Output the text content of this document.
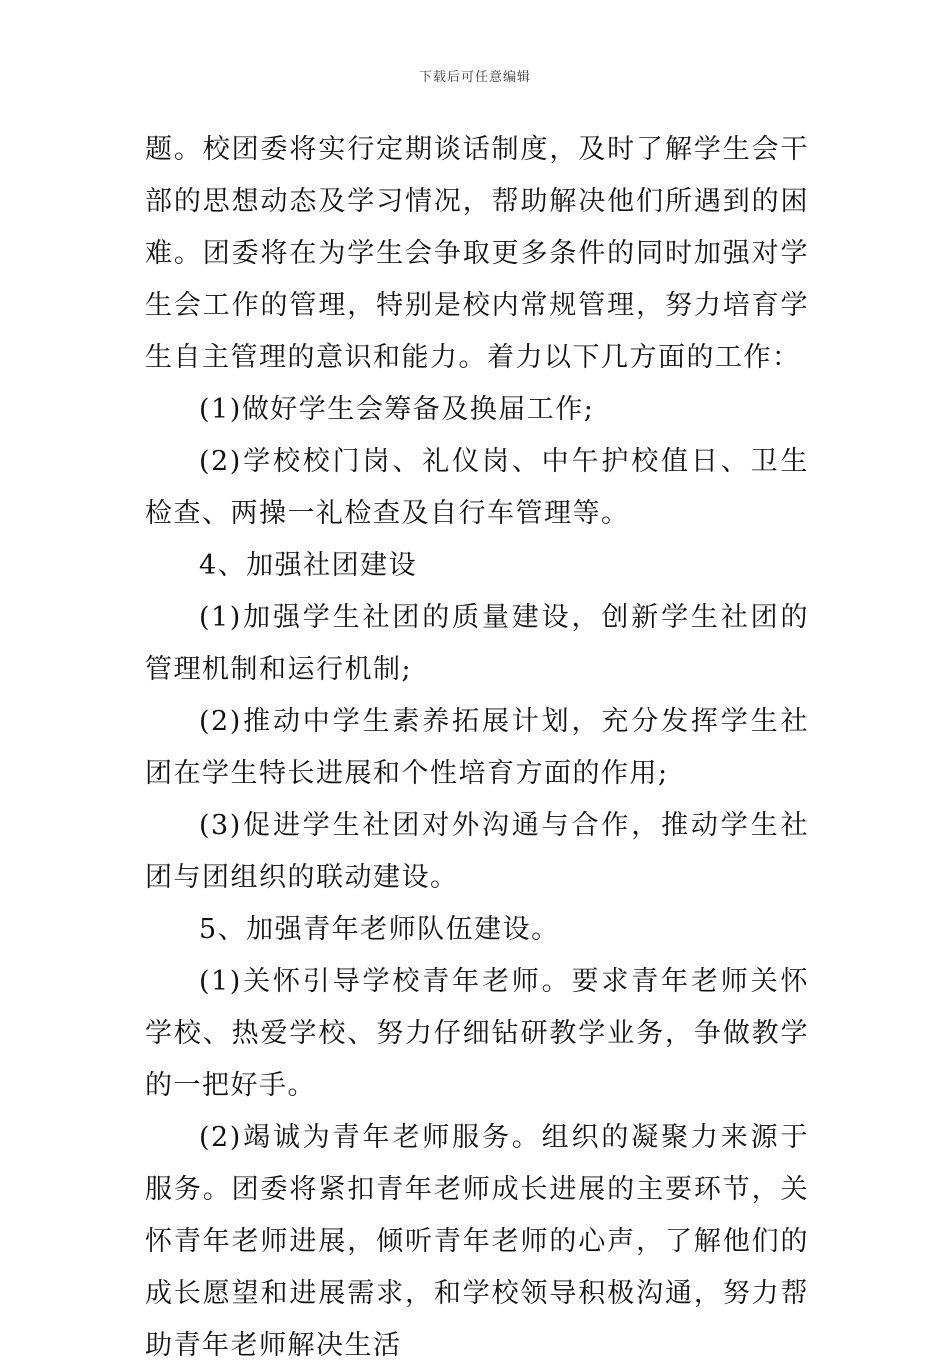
下载后可任意编辑

题。校团委将实行定期谈话制度，及时了解学生会干部的思想动态及学习情况，帮助解决他们所遇到的困难。团委将在为学生会争取更多条件的同时加强对学生会工作的管理，特别是校内常规管理，努力培育学生自主管理的意识和能力。着力以下几方面的工作：

(1)做好学生会筹备及换届工作;

(2)学校校门岗、礼仪岗、中午护校值日、卫生检查、两操一礼检查及自行车管理等。

4、加强社团建设

(1)加强学生社团的质量建设，创新学生社团的管理机制和运行机制;

(2)推动中学生素养拓展计划，充分发挥学生社团在学生特长进展和个性培育方面的作用;

(3)促进学生社团对外沟通与合作，推动学生社团与团组织的联动建设。

5、加强青年老师队伍建设。

(1)关怀引导学校青年老师。要求青年老师关怀学校、热爱学校、努力仔细钻研教学业务，争做教学的一把好手。

(2)竭诚为青年老师服务。组织的凝聚力来源于服务。团委将紧扣青年老师成长进展的主要环节，关怀青年老师进展，倾听青年老师的心声，了解他们的成长愿望和进展需求，和学校领导积极沟通，努力帮助青年老师解决生活
